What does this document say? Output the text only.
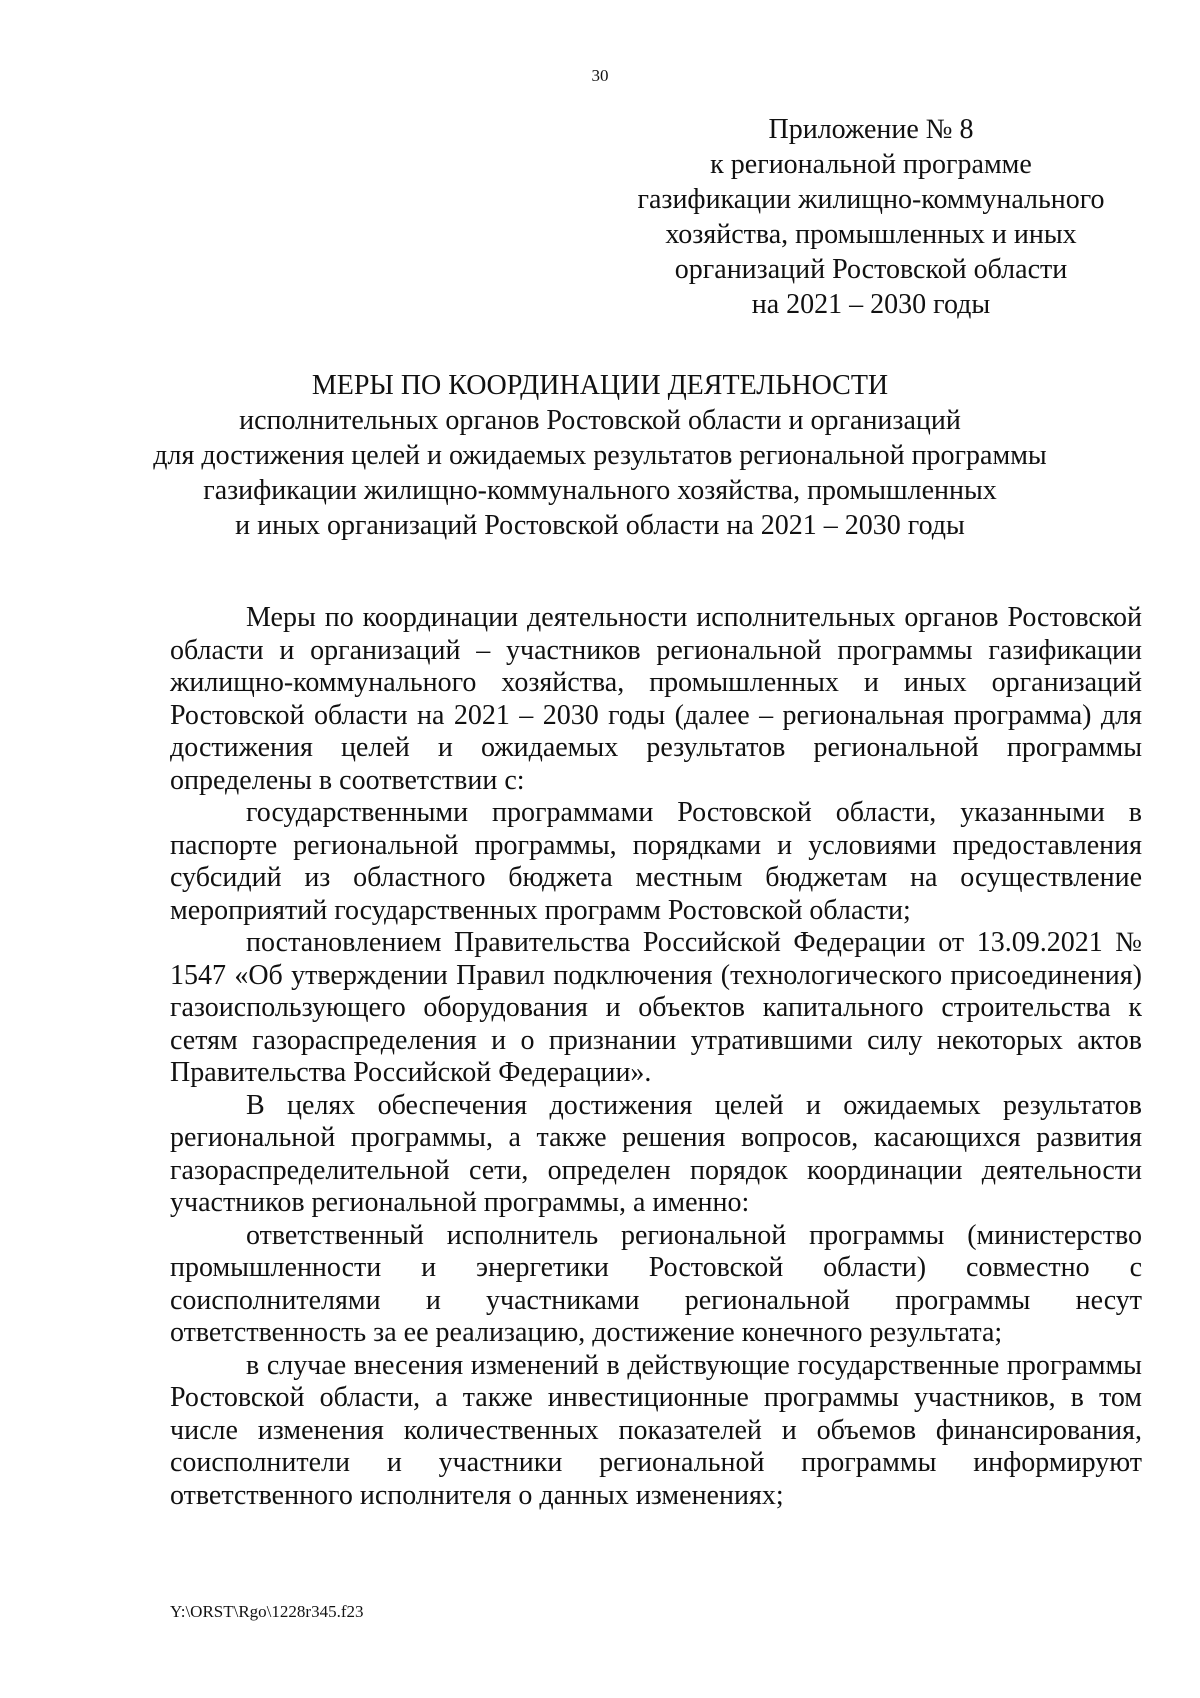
30
Приложение № 8
к региональной программе
газификации жилищно-коммунального
хозяйства, промышленных и иных
организаций Ростовской области
на 2021 – 2030 годы
МЕРЫ ПО КООРДИНАЦИИ ДЕЯТЕЛЬНОСТИ
исполнительных органов Ростовской области и организаций
для достижения целей и ожидаемых результатов региональной программы
газификации жилищно-коммунального хозяйства, промышленных
и иных организаций Ростовской области на 2021 – 2030 годы

Меры по координации деятельности исполнительных органов Ростовской области и организаций – участников региональной программы газификации жилищно-коммунального хозяйства, промышленных и иных организаций Ростовской области на 2021 – 2030 годы (далее – региональная программа) для достижения целей и ожидаемых результатов региональной программы определены в соответствии с:

государственными программами Ростовской области, указанными в паспорте региональной программы, порядками и условиями предоставления субсидий из областного бюджета местным бюджетам на осуществление мероприятий государственных программ Ростовской области;

постановлением Правительства Российской Федерации от 13.09.2021 № 1547 «Об утверждении Правил подключения (технологического присоединения) газоиспользующего оборудования и объектов капитального строительства к сетям газораспределения и о признании утратившими силу некоторых актов Правительства Российской Федерации».

В целях обеспечения достижения целей и ожидаемых результатов региональной программы, а также решения вопросов, касающихся развития газораспределительной сети, определен порядок координации деятельности участников региональной программы, а именно:

ответственный исполнитель региональной программы (министерство промышленности и энергетики Ростовской области) совместно с соисполнителями и участниками региональной программы несут ответственность за ее реализацию, достижение конечного результата;

в случае внесения изменений в действующие государственные программы Ростовской области, а также инвестиционные программы участников, в том числе изменения количественных показателей и объемов финансирования, соисполнители и участники региональной программы информируют ответственного исполнителя о данных изменениях;

Y:\ORST\Rgo\1228r345.f23
